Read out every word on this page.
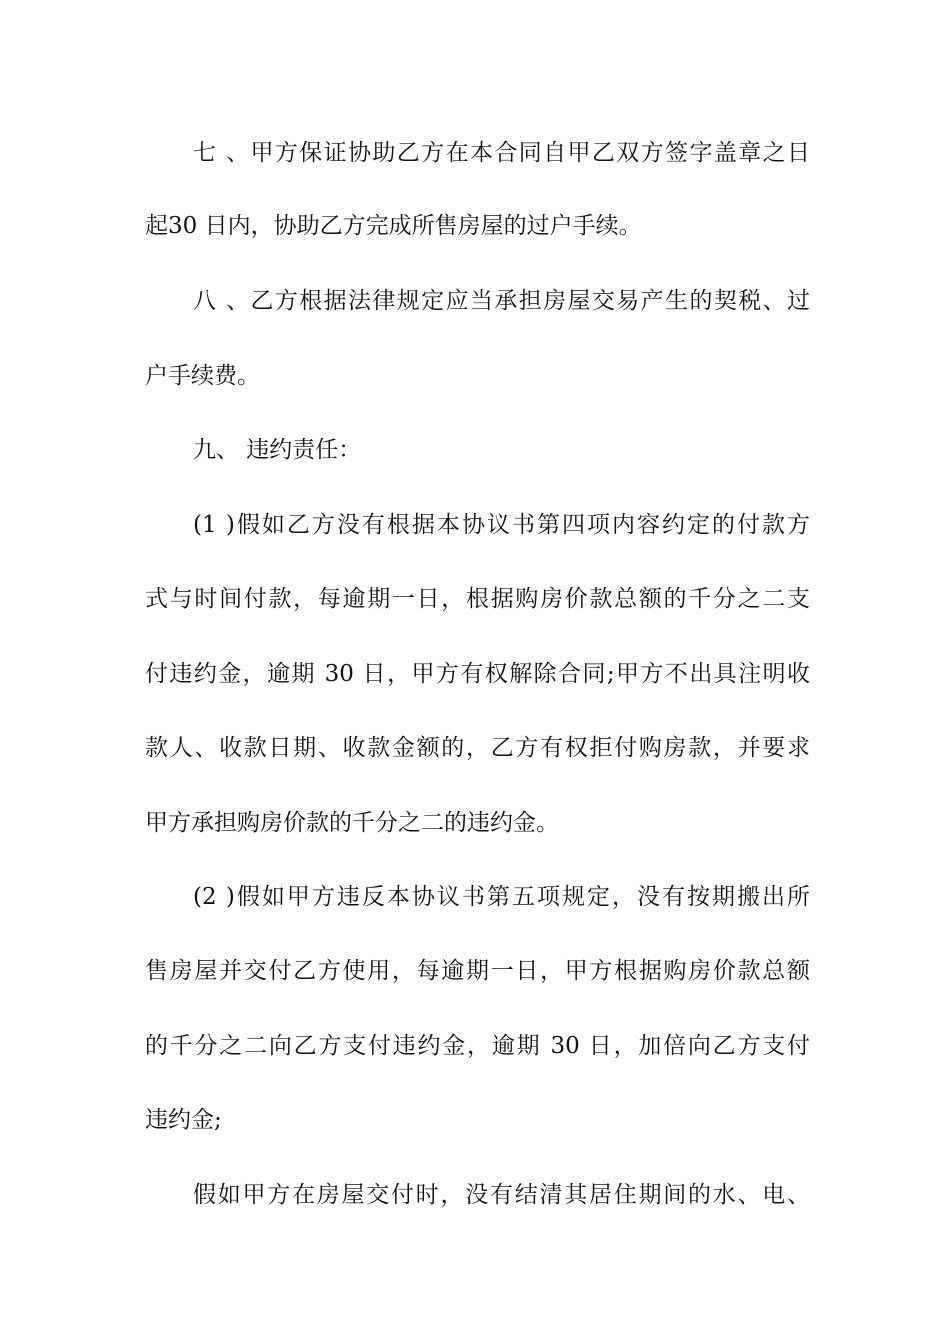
七 、甲方保证协助乙方在本合同自甲乙双方签字盖章之日
起30 日内，协助乙方完成所售房屋的过户手续。
八 、乙方根据法律规定应当承担房屋交易产生的契税、过
户手续费。
九、 违约责任：
(1 )假如乙方没有根据本协议书第四项内容约定的付款方
式与时间付款，每逾期一日，根据购房价款总额的千分之二支
付违约金，逾期 30 日，甲方有权解除合同;甲方不出具注明收
款人、收款日期、收款金额的，乙方有权拒付购房款，并要求
甲方承担购房价款的千分之二的违约金。
(2 )假如甲方违反本协议书第五项规定，没有按期搬出所
售房屋并交付乙方使用，每逾期一日，甲方根据购房价款总额
的千分之二向乙方支付违约金，逾期 30 日，加倍向乙方支付
违约金;
假如甲方在房屋交付时，没有结清其居住期间的水、电、
